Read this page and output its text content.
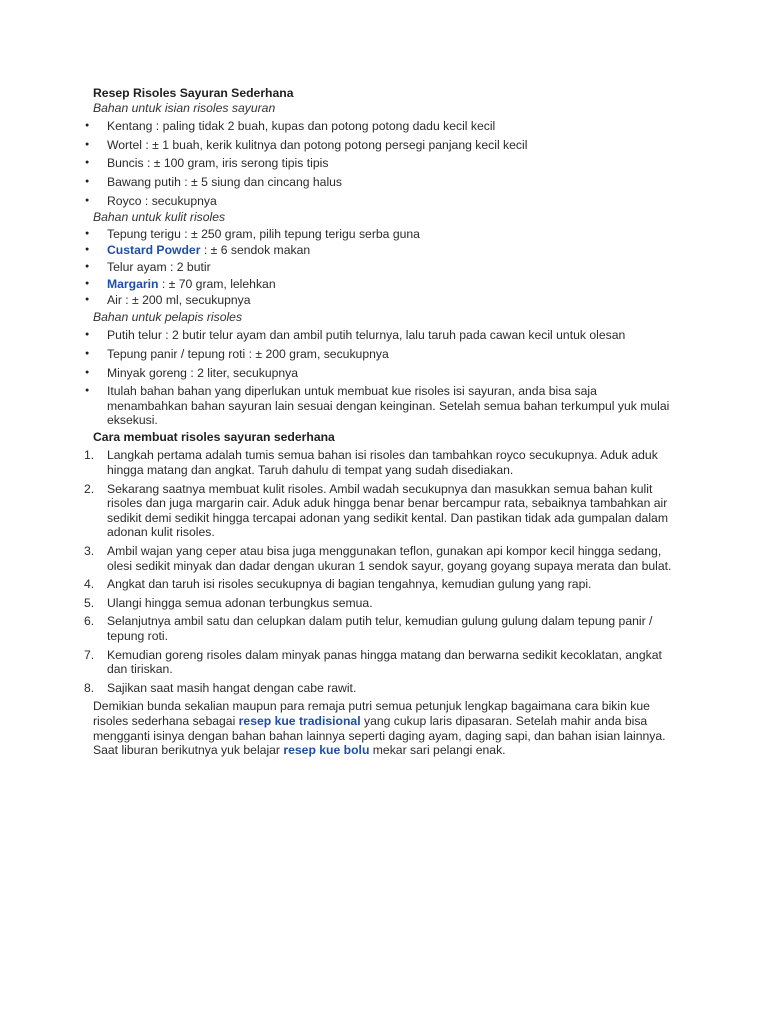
Resep Risoles Sayuran Sederhana
Bahan untuk isian risoles sayuran
● Kentang : paling tidak 2 buah, kupas dan potong potong dadu kecil kecil
● Wortel : ± 1 buah, kerik kulitnya dan potong potong persegi panjang kecil kecil
● Buncis : ± 100 gram, iris serong tipis tipis
● Bawang putih : ± 5 siung dan cincang halus
● Royco : secukupnya
Bahan untuk kulit risoles
● Tepung terigu : ± 250 gram, pilih tepung terigu serba guna
● Custard Powder : ± 6 sendok makan
● Telur ayam : 2 butir
● Margarin : ± 70 gram, lelehkan
● Air : ± 200 ml, secukupnya
Bahan untuk pelapis risoles
● Putih telur : 2 butir telur ayam dan ambil putih telurnya, lalu taruh pada cawan kecil untuk olesan
● Tepung panir / tepung roti : ± 200 gram, secukupnya
● Minyak goreng : 2 liter, secukupnya
● Itulah bahan bahan yang diperlukan untuk membuat kue risoles isi sayuran, anda bisa saja menambahkan bahan sayuran lain sesuai dengan keinginan. Setelah semua bahan terkumpul yuk mulai eksekusi.
Cara membuat risoles sayuran sederhana
1. Langkah pertama adalah tumis semua bahan isi risoles dan tambahkan royco secukupnya. Aduk aduk hingga matang dan angkat. Taruh dahulu di tempat yang sudah disediakan.
2. Sekarang saatnya membuat kulit risoles. Ambil wadah secukupnya dan masukkan semua bahan kulit risoles dan juga margarin cair. Aduk aduk hingga benar benar bercampur rata, sebaiknya tambahkan air sedikit demi sedikit hingga tercapai adonan yang sedikit kental. Dan pastikan tidak ada gumpalan dalam adonan kulit risoles.
3. Ambil wajan yang ceper atau bisa juga menggunakan teflon, gunakan api kompor kecil hingga sedang, olesi sedikit minyak dan dadar dengan ukuran 1 sendok sayur, goyang goyang supaya merata dan bulat.
4. Angkat dan taruh isi risoles secukupnya di bagian tengahnya, kemudian gulung yang rapi.
5. Ulangi hingga semua adonan terbungkus semua.
6. Selanjutnya ambil satu dan celupkan dalam putih telur, kemudian gulung gulung dalam tepung panir / tepung roti.
7. Kemudian goreng risoles dalam minyak panas hingga matang dan berwarna sedikit kecoklatan, angkat dan tiriskan.
8. Sajikan saat masih hangat dengan cabe rawit.
Demikian bunda sekalian maupun para remaja putri semua petunjuk lengkap bagaimana cara bikin kue risoles sederhana sebagai resep kue tradisional yang cukup laris dipasaran. Setelah mahir anda bisa mengganti isinya dengan bahan bahan lainnya seperti daging ayam, daging sapi, dan bahan isian lainnya. Saat liburan berikutnya yuk belajar resep kue bolu mekar sari pelangi enak.
